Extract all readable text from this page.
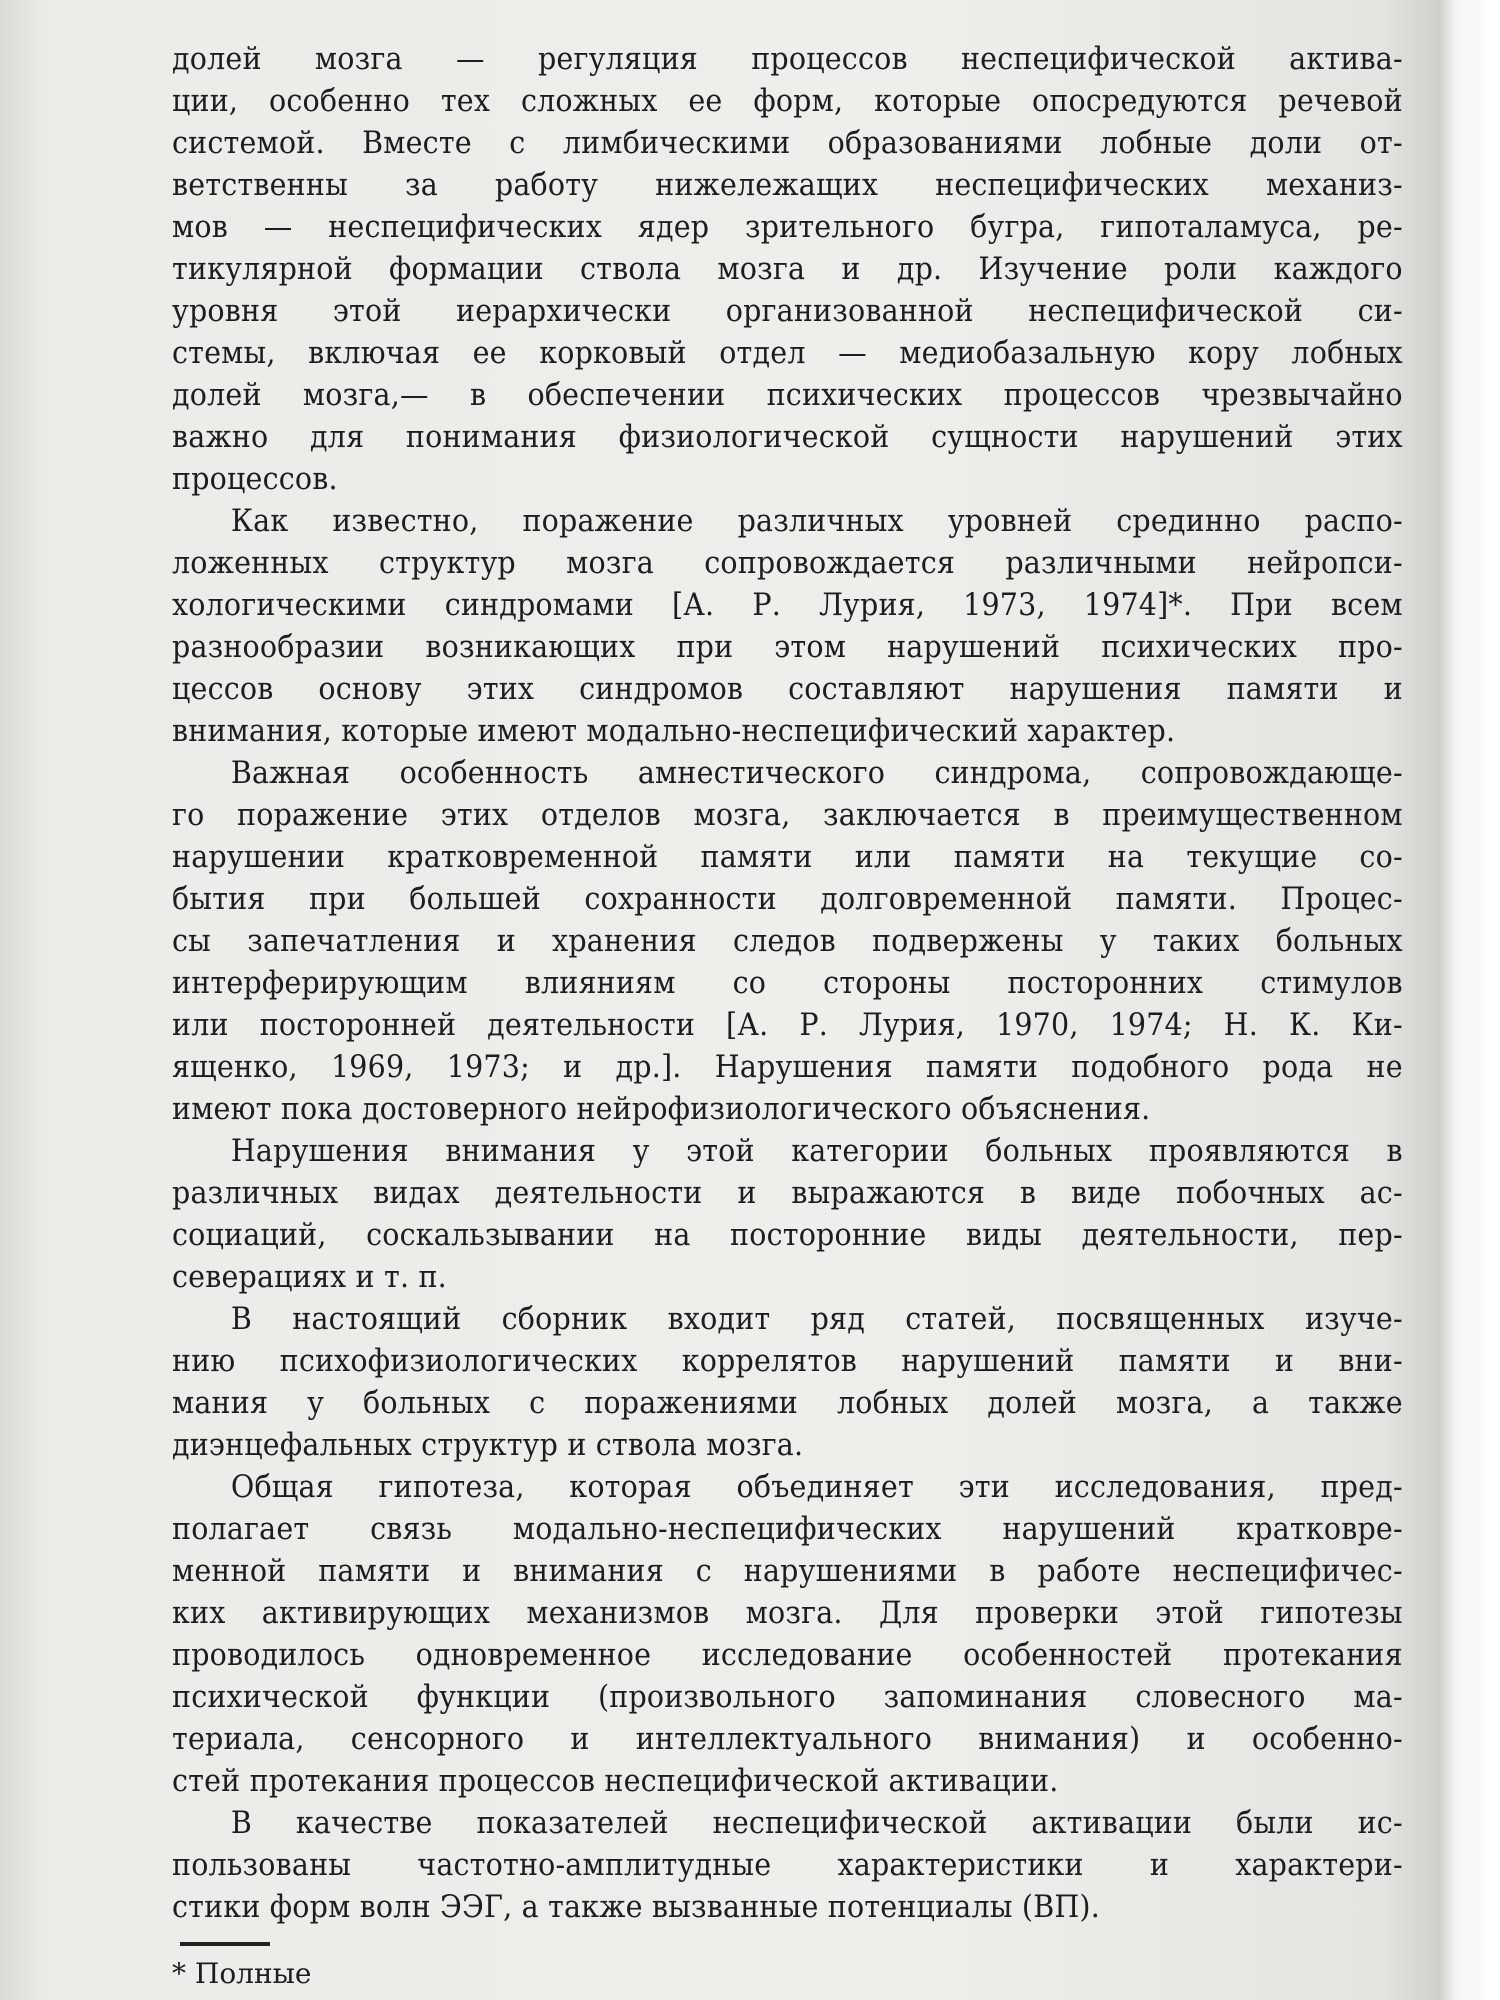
долей мозга — регуляция процессов неспецифической актива-
ции, особенно тех сложных ее форм, которые опосредуются речевой
системой. Вместе с лимбическими образованиями лобные доли от-
ветственны за работу нижележащих неспецифических механиз-
мов — неспецифических ядер зрительного бугра, гипоталамуса, ре-
тикулярной формации ствола мозга и др. Изучение роли каждого
уровня этой иерархически организованной неспецифической си-
стемы, включая ее корковый отдел — медиобазальную кору лобных
долей мозга,— в обеспечении психических процессов чрезвычайно
важно для понимания физиологической сущности нарушений этих
процессов.
Как известно, поражение различных уровней срединно распо-
ложенных структур мозга сопровождается различными нейропси-
хологическими синдромами [А. Р. Лурия, 1973, 1974]*. При всем
разнообразии возникающих при этом нарушений психических про-
цессов основу этих синдромов составляют нарушения памяти и
внимания, которые имеют модально-неспецифический характер.
Важная особенность амнестического синдрома, сопровождающе-
го поражение этих отделов мозга, заключается в преимущественном
нарушении кратковременной памяти или памяти на текущие со-
бытия при большей сохранности долговременной памяти. Процес-
сы запечатления и хранения следов подвержены у таких больных
интерферирующим влияниям со стороны посторонних стимулов
или посторонней деятельности [А. Р. Лурия, 1970, 1974; Н. К. Ки-
ященко, 1969, 1973; и др.]. Нарушения памяти подобного рода не
имеют пока достоверного нейрофизиологического объяснения.
Нарушения внимания у этой категории больных проявляются в
различных видах деятельности и выражаются в виде побочных ас-
социаций, соскальзывании на посторонние виды деятельности, пер-
северациях и т. п.
В настоящий сборник входит ряд статей, посвященных изуче-
нию психофизиологических коррелятов нарушений памяти и вни-
мания у больных с поражениями лобных долей мозга, а также
диэнцефальных структур и ствола мозга.
Общая гипотеза, которая объединяет эти исследования, пред-
полагает связь модально-неспецифических нарушений кратковре-
менной памяти и внимания с нарушениями в работе неспецифичес-
ких активирующих механизмов мозга. Для проверки этой гипотезы
проводилось одновременное исследование особенностей протекания
психической функции (произвольного запоминания словесного ма-
териала, сенсорного и интеллектуального внимания) и особенно-
стей протекания процессов неспецифической активации.
В качестве показателей неспецифической активации были ис-
пользованы частотно-амплитудные характеристики и характери-
стики форм волн ЭЭГ, а также вызванные потенциалы (ВП).
* Полные
